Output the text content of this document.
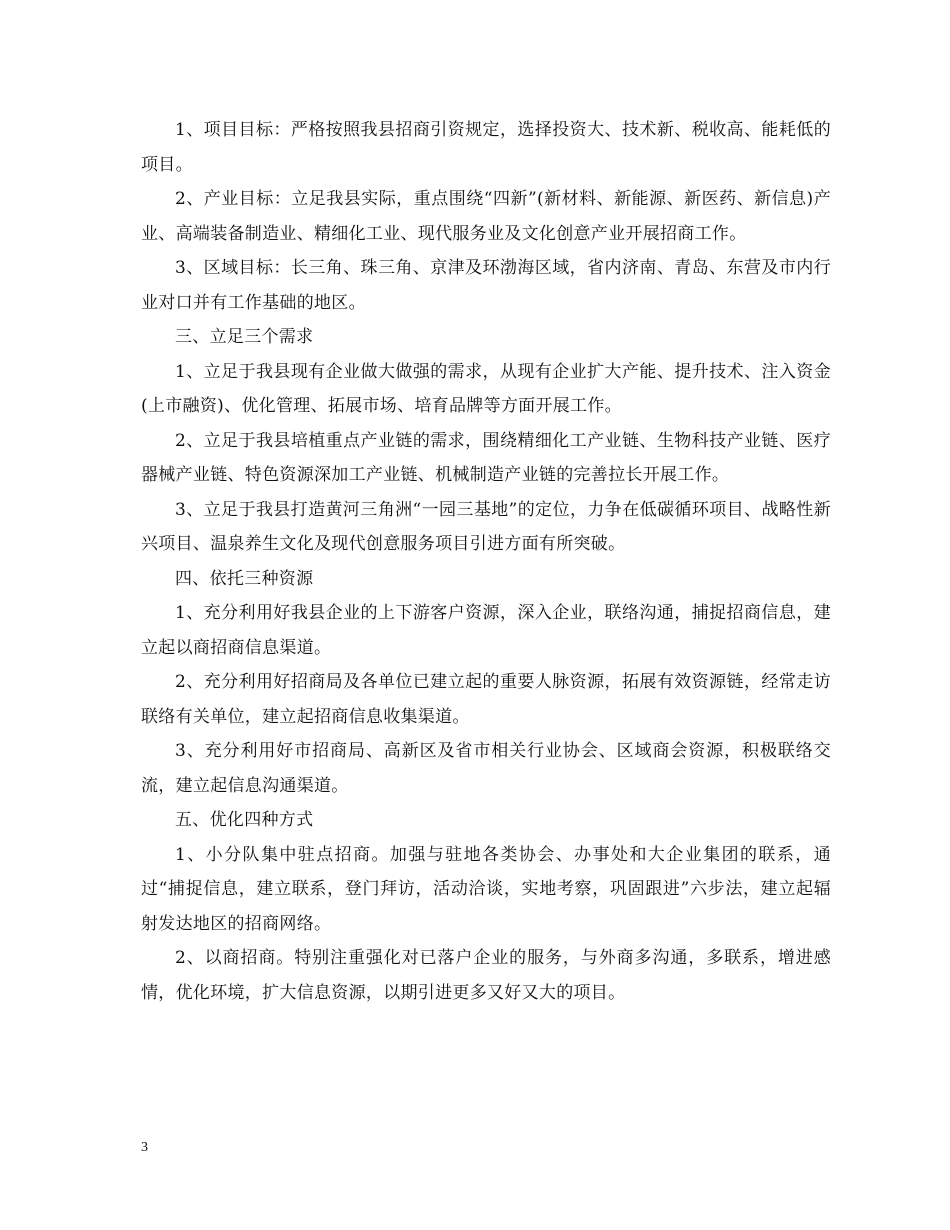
1、项目目标：严格按照我县招商引资规定，选择投资大、技术新、税收高、能耗低的项目。

2、产业目标：立足我县实际，重点围绕“四新”(新材料、新能源、新医药、新信息)产业、高端装备制造业、精细化工业、现代服务业及文化创意产业开展招商工作。

3、区域目标：长三角、珠三角、京津及环渤海区域，省内济南、青岛、东营及市内行业对口并有工作基础的地区。

三、立足三个需求

1、立足于我县现有企业做大做强的需求，从现有企业扩大产能、提升技术、注入资金(上市融资)、优化管理、拓展市场、培育品牌等方面开展工作。

2、立足于我县培植重点产业链的需求，围绕精细化工产业链、生物科技产业链、医疗器械产业链、特色资源深加工产业链、机械制造产业链的完善拉长开展工作。

3、立足于我县打造黄河三角洲“一园三基地”的定位，力争在低碳循环项目、战略性新兴项目、温泉养生文化及现代创意服务项目引进方面有所突破。

四、依托三种资源

1、充分利用好我县企业的上下游客户资源，深入企业，联络沟通，捕捉招商信息，建立起以商招商信息渠道。

2、充分利用好招商局及各单位已建立起的重要人脉资源，拓展有效资源链，经常走访联络有关单位，建立起招商信息收集渠道。

3、充分利用好市招商局、高新区及省市相关行业协会、区域商会资源，积极联络交流，建立起信息沟通渠道。

五、优化四种方式

1、小分队集中驻点招商。加强与驻地各类协会、办事处和大企业集团的联系，通过“捕捉信息，建立联系，登门拜访，活动洽谈，实地考察，巩固跟进”六步法，建立起辐射发达地区的招商网络。

2、以商招商。特别注重强化对已落户企业的服务，与外商多沟通，多联系，增进感情，优化环境，扩大信息资源，以期引进更多又好又大的项目。

3
